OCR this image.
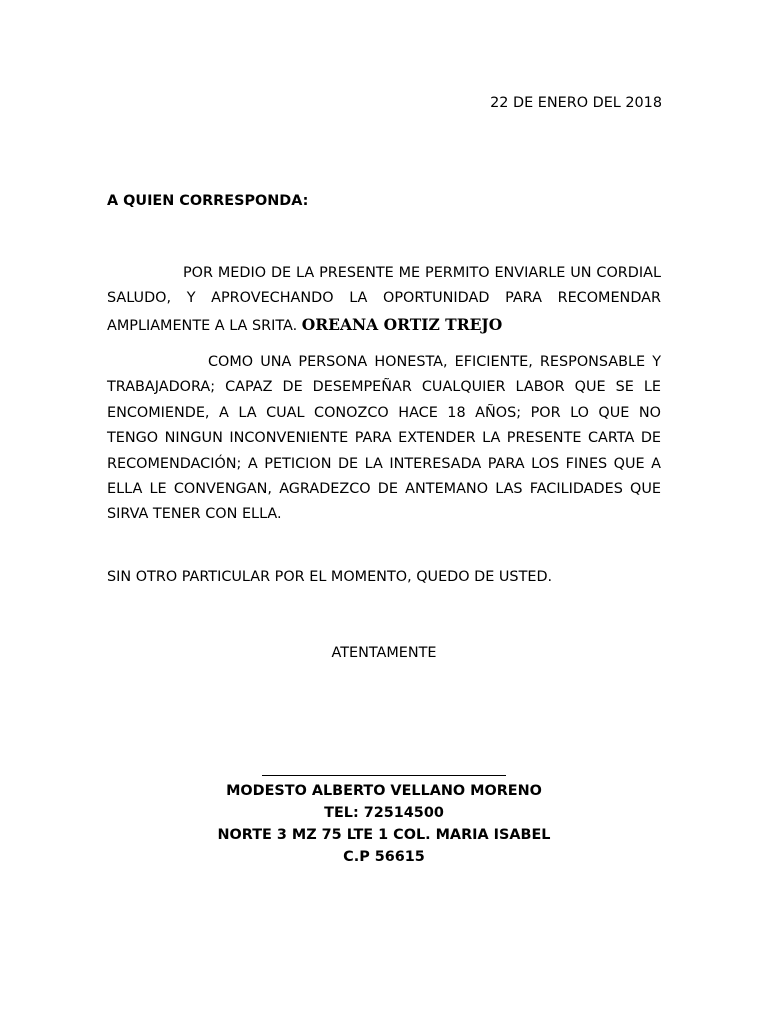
22 DE ENERO DEL 2018
A QUIEN CORRESPONDA:
POR MEDIO DE LA PRESENTE ME PERMITO ENVIARLE UN CORDIAL SALUDO, Y APROVECHANDO LA OPORTUNIDAD PARA RECOMENDAR AMPLIAMENTE A LA SRITA. OREANA ORTIZ TREJO
COMO UNA PERSONA HONESTA, EFICIENTE, RESPONSABLE Y TRABAJADORA; CAPAZ DE DESEMPEÑAR CUALQUIER LABOR QUE SE LE ENCOMIENDE, A LA CUAL CONOZCO HACE 18 AÑOS; POR LO QUE NO TENGO NINGUN INCONVENIENTE PARA EXTENDER LA PRESENTE CARTA DE RECOMENDACIÓN; A PETICION DE LA INTERESADA PARA LOS FINES QUE A ELLA LE CONVENGAN, AGRADEZCO DE ANTEMANO LAS FACILIDADES QUE SIRVA TENER CON ELLA.
SIN OTRO PARTICULAR POR EL MOMENTO, QUEDO DE USTED.
ATENTAMENTE
MODESTO ALBERTO VELLANO MORENO
TEL: 72514500
NORTE 3 MZ 75 LTE 1 COL. MARIA ISABEL
C.P 56615
